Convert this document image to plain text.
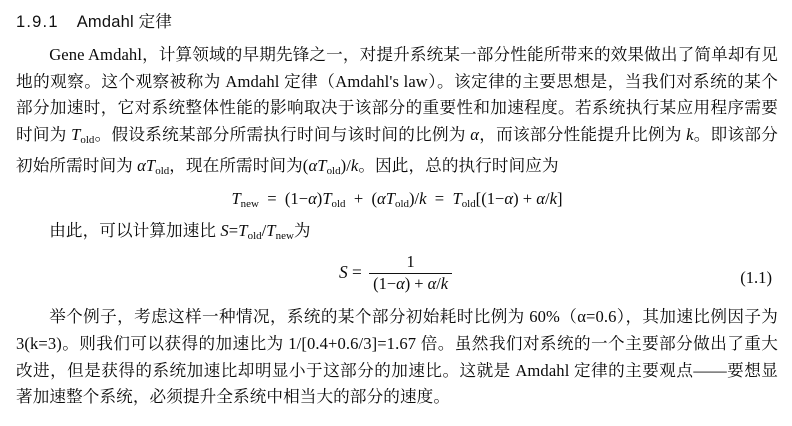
1.9.1 Amdahl 定律

Gene Amdahl，计算领域的早期先锋之一，对提升系统某一部分性能所带来的效果做出了简单却有见地的观察。这个观察被称为 Amdahl 定律（Amdahl's law）。该定律的主要思想是，当我们对系统的某个部分加速时，它对系统整体性能的影响取决于该部分的重要性和加速程度。若系统执行某应用程序需要时间为 $T_{old}$。假设系统某部分所需执行时间与该时间的比例为 α，而该部分性能提升比例为 k。即该部分初始所需时间为 $\alpha T_{old}$，现在所需时间为$(\alpha T_{old})/k$。因此，总的执行时间应为

$T_{new} = (1-\alpha)T_{old} + (\alpha T_{old})/k = T_{old}[(1-\alpha) + \alpha/k]$

由此，可以计算加速比 $S=T_{old}/T_{new}$为

$S = \frac{1}{(1-\alpha) + \alpha/k}$	(1.1)

举个例子，考虑这样一种情况，系统的某个部分初始耗时比例为 60%（α=0.6），其加速比例因子为 3(k=3)。则我们可以获得的加速比为 1/[0.4+0.6/3]=1.67 倍。虽然我们对系统的一个主要部分做出了重大改进，但是获得的系统加速比却明显小于这部分的加速比。这就是 Amdahl 定律的主要观点——要想显著加速整个系统，必须提升全系统中相当大的部分的速度。
